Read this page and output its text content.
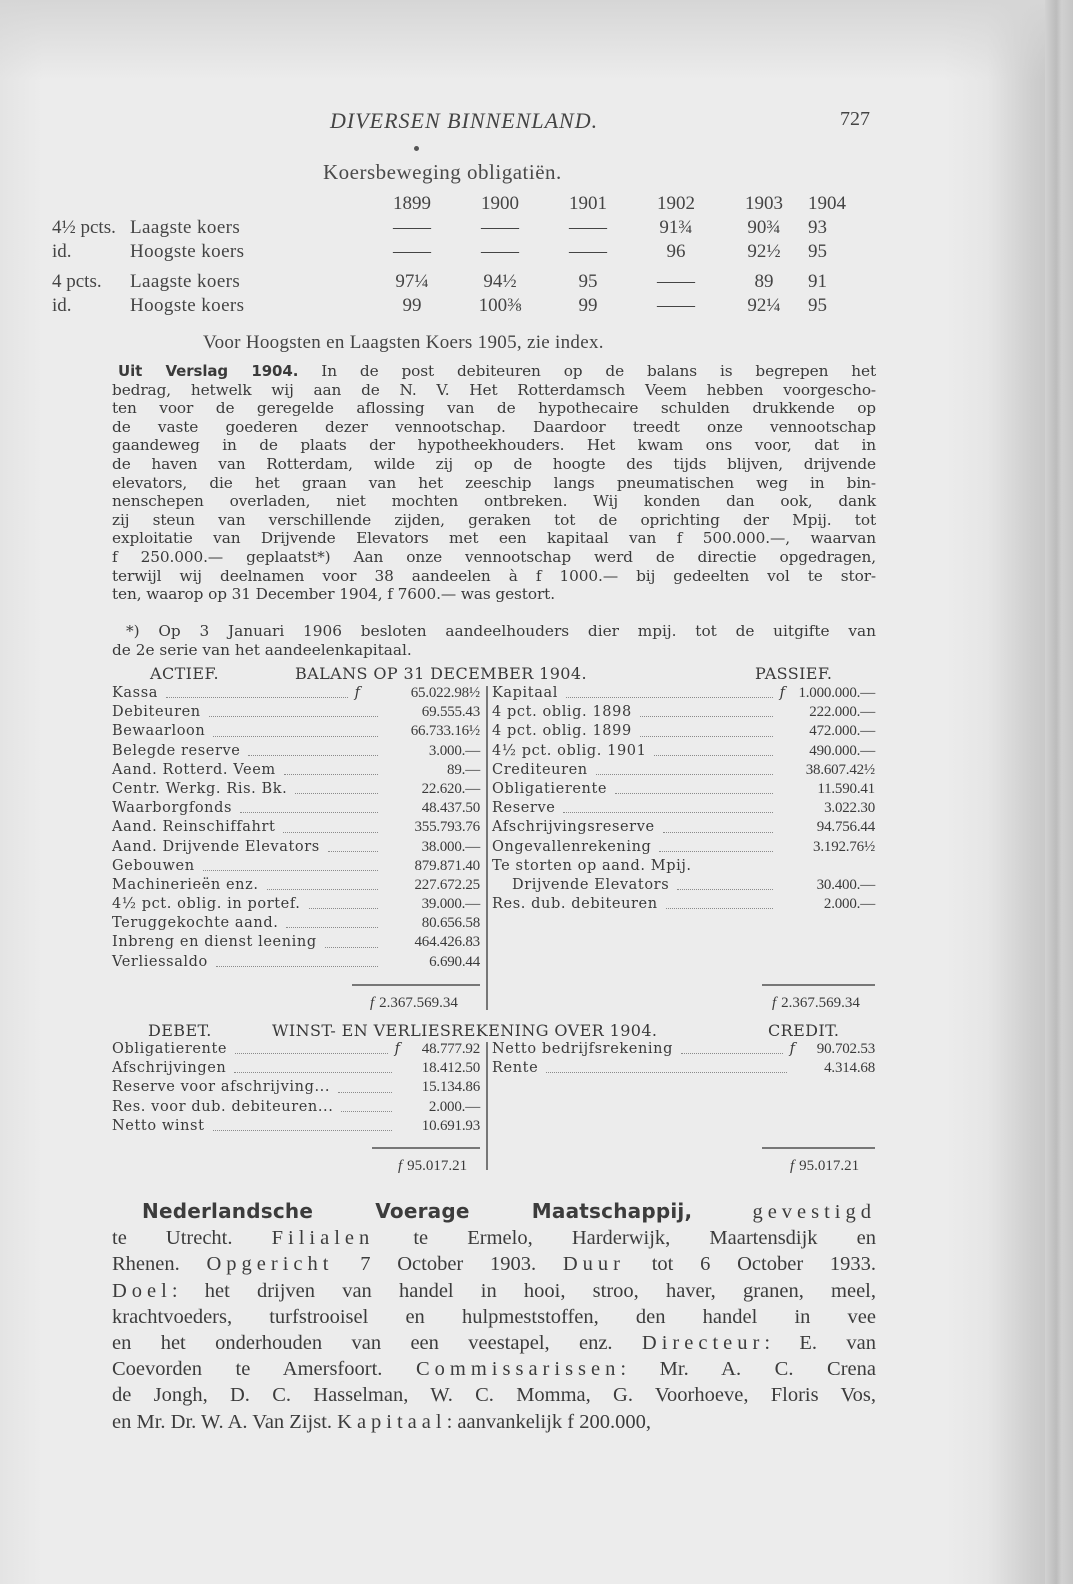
DIVERSEN BINNENLAND.	727
Koersbeweging obligatiën.
		1899	1900	1901	1902	1903	1904
4½ pcts.	Laagste koers	——	——	——	91¾	90¾	93
id.	Hoogste koers	——	——	——	96	92½	95
4 pcts.	Laagste koers	97¼	94½	95	——	89	91
id.	Hoogste koers	99	100⅜	99	——	92¼	95
Voor Hoogsten en Laagsten Koers 1905, zie index.
Uit Verslag 1904. In de post debiteuren op de balans is begrepen het
bedrag, hetwelk wij aan de N. V. Het Rotterdamsch Veem hebben voorgescho-
ten voor de geregelde aflossing van de hypothecaire schulden drukkende op
de vaste goederen dezer vennootschap. Daardoor treedt onze vennootschap
gaandeweg in de plaats der hypotheekhouders. Het kwam ons voor, dat in
de haven van Rotterdam, wilde zij op de hoogte des tijds blijven, drijvende
elevators, die het graan van het zeeschip langs pneumatischen weg in bin-
nenschepen overladen, niet mochten ontbreken. Wij konden dan ook, dank
zij steun van verschillende zijden, geraken tot de oprichting der Mpij. tot
exploitatie van Drijvende Elevators met een kapitaal van f 500.000.—, waarvan
f 250.000.— geplaatst*) Aan onze vennootschap werd de directie opgedragen,
terwijl wij deelnamen voor 38 aandeelen à f 1000.— bij gedeelten vol te stor-
ten, waarop op 31 December 1904, f 7600.— was gestort.
*) Op 3 Januari 1906 besloten aandeelhouders dier mpij. tot de uitgifte van
de 2e serie van het aandeelenkapitaal.
ACTIEF.	BALANS OP 31 DECEMBER 1904.	PASSIEF.
Kassa	f	65.022.98½
Debiteuren	69.555.43
Bewaarloon	66.733.16½
Belegde reserve	3.000.—
Aand. Rotterd. Veem	89.—
Centr. Werkg. Ris. Bk.	22.620.—
Waarborgfonds	48.437.50
Aand. Reinschiffahrt	355.793.76
Aand. Drijvende Elevators	38.000.—
Gebouwen	879.871.40
Machinerieën enz.	227.672.25
4½ pct. oblig. in portef.	39.000.—
Teruggekochte aand.	80.656.58
Inbreng en dienst leening	464.426.83
Verliessaldo	6.690.44
Kapitaal	f 1.000.000.—
4 pct. oblig. 1898	222.000.—
4 pct. oblig. 1899	472.000.—
4½ pct. oblig. 1901	490.000.—
Crediteuren	38.607.42½
Obligatierente	11.590.41
Reserve	3.022.30
Afschrijvingsreserve	94.756.44
Ongevallenrekening	3.192.76½
Te storten op aand. Mpij.
Drijvende Elevators	30.400.—
Res. dub. debiteuren	2.000.—
f 2.367.569.34	f 2.367.569.34
DEBET.	WINST- EN VERLIESREKENING OVER 1904.	CREDIT.
Obligatierente	f 48.777.92
Afschrijvingen	18.412.50
Reserve voor afschrijving...	15.134.86
Res. voor dub. debiteuren...	2.000.—
Netto winst	10.691.93
Netto bedrijfsrekening	f 90.702.53
Rente	4.314.68
f 95.017.21	f 95.017.21
Nederlandsche Voerage Maatschappij,	gevestigd
te Utrecht. Filialen te Ermelo, Harderwijk, Maartensdijk en
Rhenen. Opgericht 7 October 1903. Duur tot 6 October 1933.
Doel: het drijven van handel in hooi, stroo, haver, granen, meel,
krachtvoeders, turfstrooisel en hulpmeststoffen, den handel in vee
en het onderhouden van een veestapel, enz. Directeur: E. van
Coevorden te Amersfoort. Commissarissen: Mr. A. C. Crena
de Jongh, D. C. Hasselman, W. C. Momma, G. Voorhoeve, Floris Vos,
en Mr. Dr. W. A. Van Zijst. Kapitaal: aanvankelijk f 200.000,
